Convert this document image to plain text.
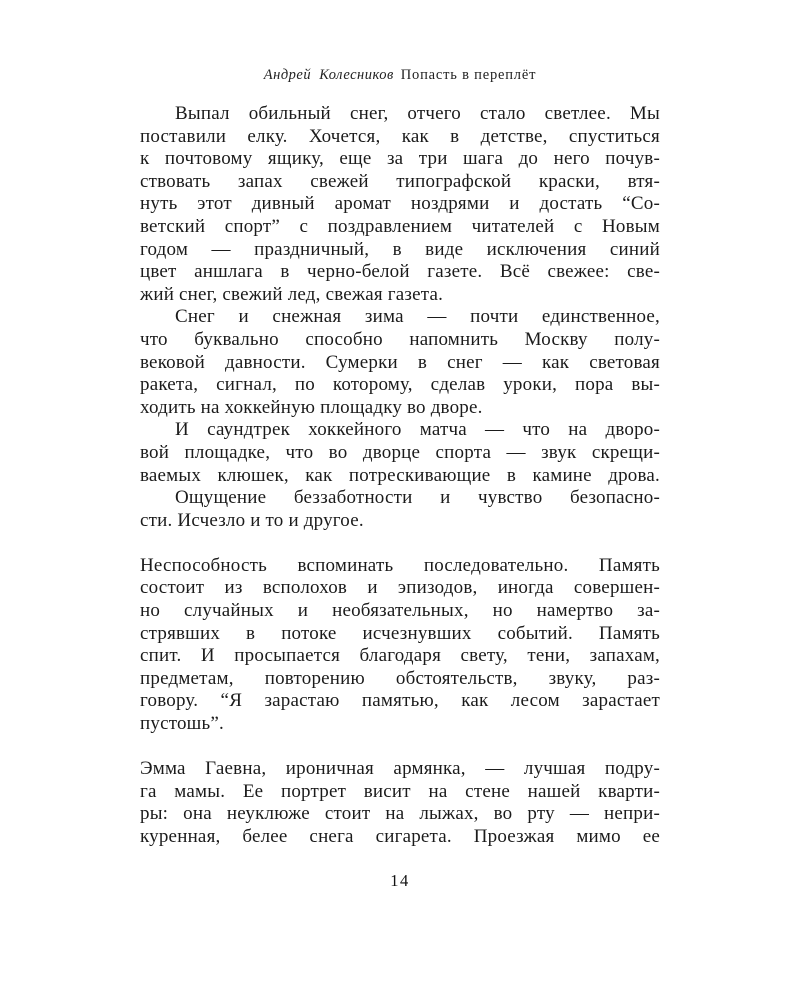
Андрей Колесников Попасть в переплёт
Выпал обильный снег, отчего стало светлее. Мы
поставили елку. Хочется, как в детстве, спуститься
к почтовому ящику, еще за три шага до него почув-
ствовать запах свежей типографской краски, втя-
нуть этот дивный аромат ноздрями и достать “Со-
ветский спорт” с поздравлением читателей с Новым
годом — праздничный, в виде исключения синий
цвет аншлага в черно-белой газете. Всё свежее: све-
жий снег, свежий лед, свежая газета.
Снег и снежная зима — почти единственное,
что буквально способно напомнить Москву полу-
вековой давности. Сумерки в снег — как световая
ракета, сигнал, по которому, сделав уроки, пора вы-
ходить на хоккейную площадку во дворе.
И саундтрек хоккейного матча — что на дворо-
вой площадке, что во дворце спорта — звук скрещи-
ваемых клюшек, как потрескивающие в камине дрова.
Ощущение беззаботности и чувство безопасно-
сти. Исчезло и то и другое.
Неспособность вспоминать последовательно. Память
состоит из всполохов и эпизодов, иногда совершен-
но случайных и необязательных, но намертво за-
стрявших в потоке исчезнувших событий. Память
спит. И просыпается благодаря свету, тени, запахам,
предметам, повторению обстоятельств, звуку, раз-
говору. “Я зарастаю памятью, как лесом зарастает
пустошь”.
Эмма Гаевна, ироничная армянка, — лучшая подру-
га мамы. Ее портрет висит на стене нашей кварти-
ры: она неуклюже стоит на лыжах, во рту — непри-
куренная, белее снега сигарета. Проезжая мимо ее
14
